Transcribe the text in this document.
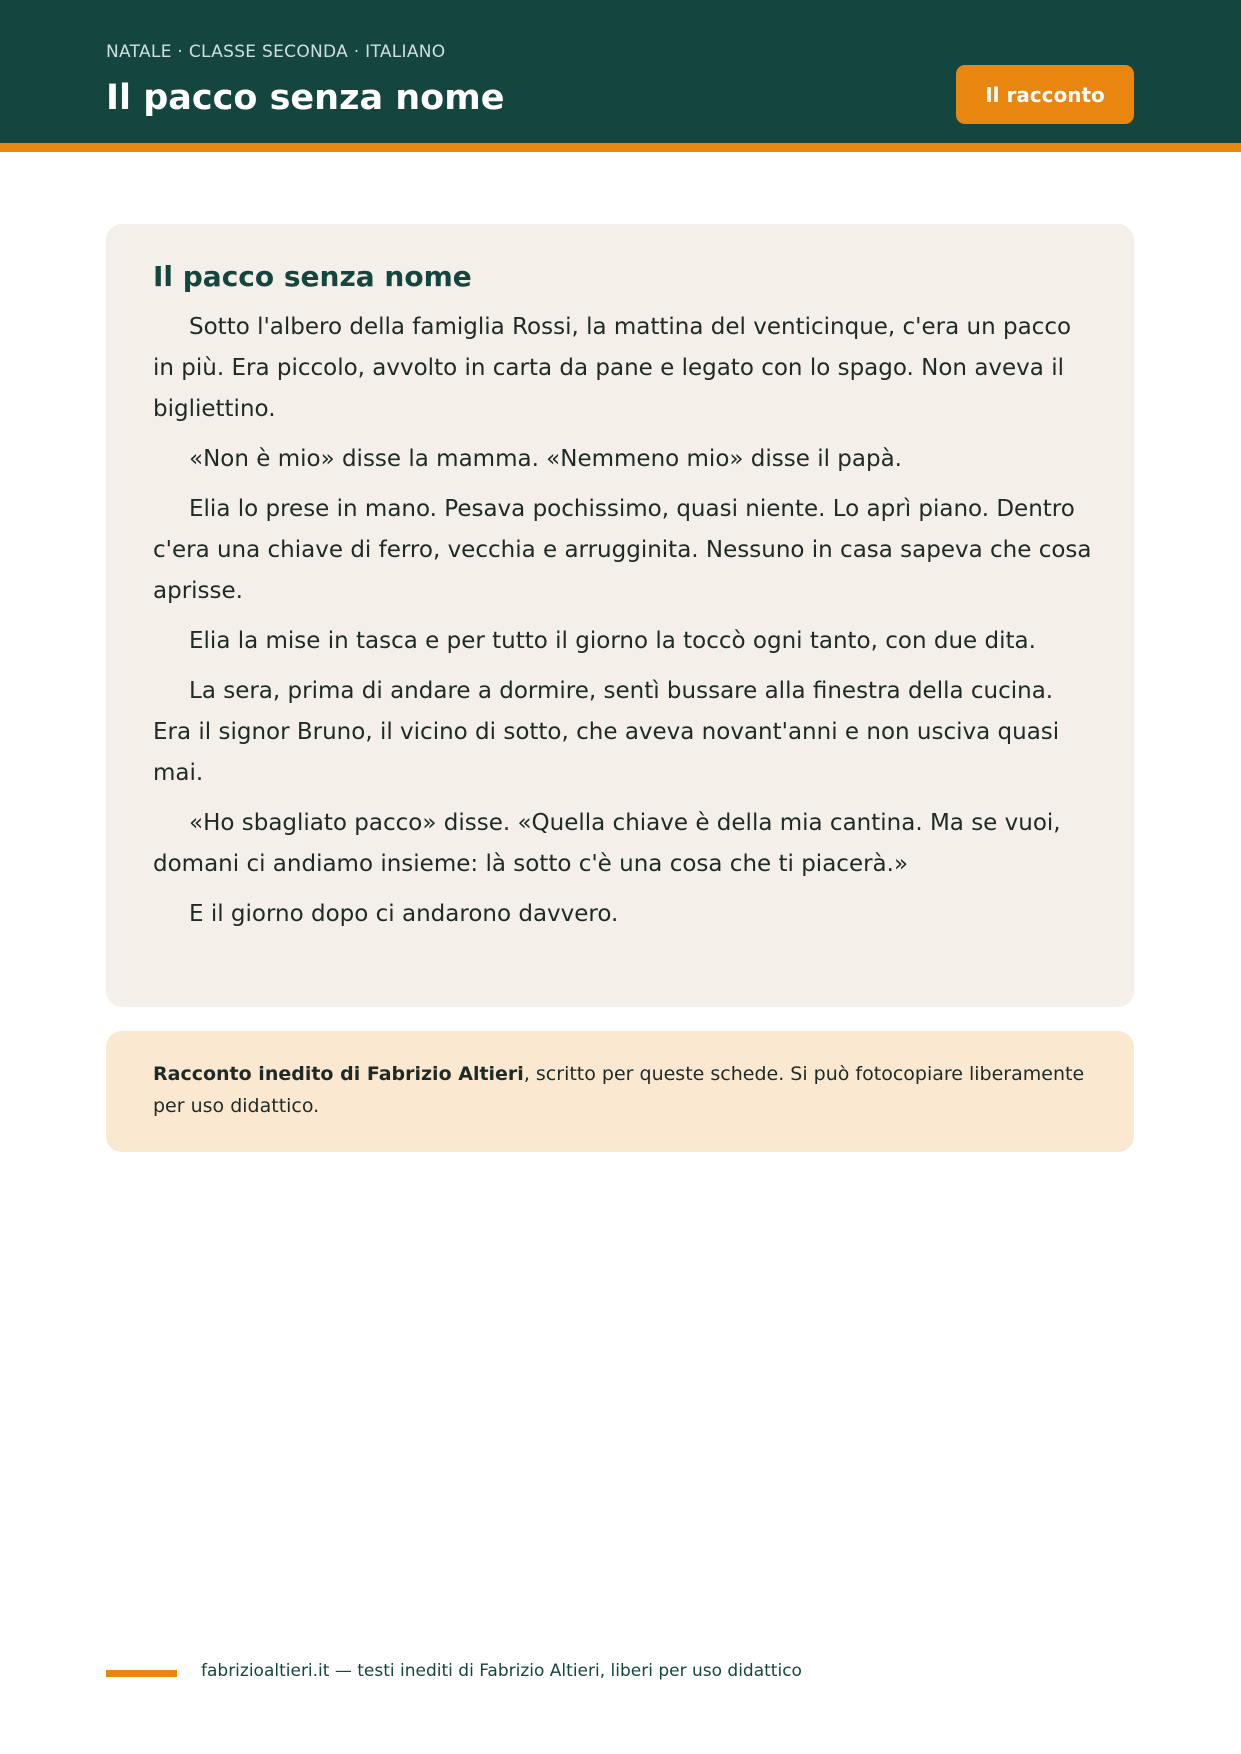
NATALE · CLASSE SECONDA · ITALIANO
Il pacco senza nome	Il racconto
Il pacco senza nome

Sotto l'albero della famiglia Rossi, la mattina del venticinque, c'era un pacco in più. Era piccolo, avvolto in carta da pane e legato con lo spago. Non aveva il bigliettino.

«Non è mio» disse la mamma. «Nemmeno mio» disse il papà.

Elia lo prese in mano. Pesava pochissimo, quasi niente. Lo aprì piano. Dentro c'era una chiave di ferro, vecchia e arrugginita. Nessuno in casa sapeva che cosa aprisse.

Elia la mise in tasca e per tutto il giorno la toccò ogni tanto, con due dita.

La sera, prima di andare a dormire, sentì bussare alla finestra della cucina. Era il signor Bruno, il vicino di sotto, che aveva novant'anni e non usciva quasi mai.

«Ho sbagliato pacco» disse. «Quella chiave è della mia cantina. Ma se vuoi, domani ci andiamo insieme: là sotto c'è una cosa che ti piacerà.»

E il giorno dopo ci andarono davvero.

Racconto inedito di Fabrizio Altieri, scritto per queste schede. Si può fotocopiare liberamente per uso didattico.
fabrizioaltieri.it — testi inediti di Fabrizio Altieri, liberi per uso didattico
